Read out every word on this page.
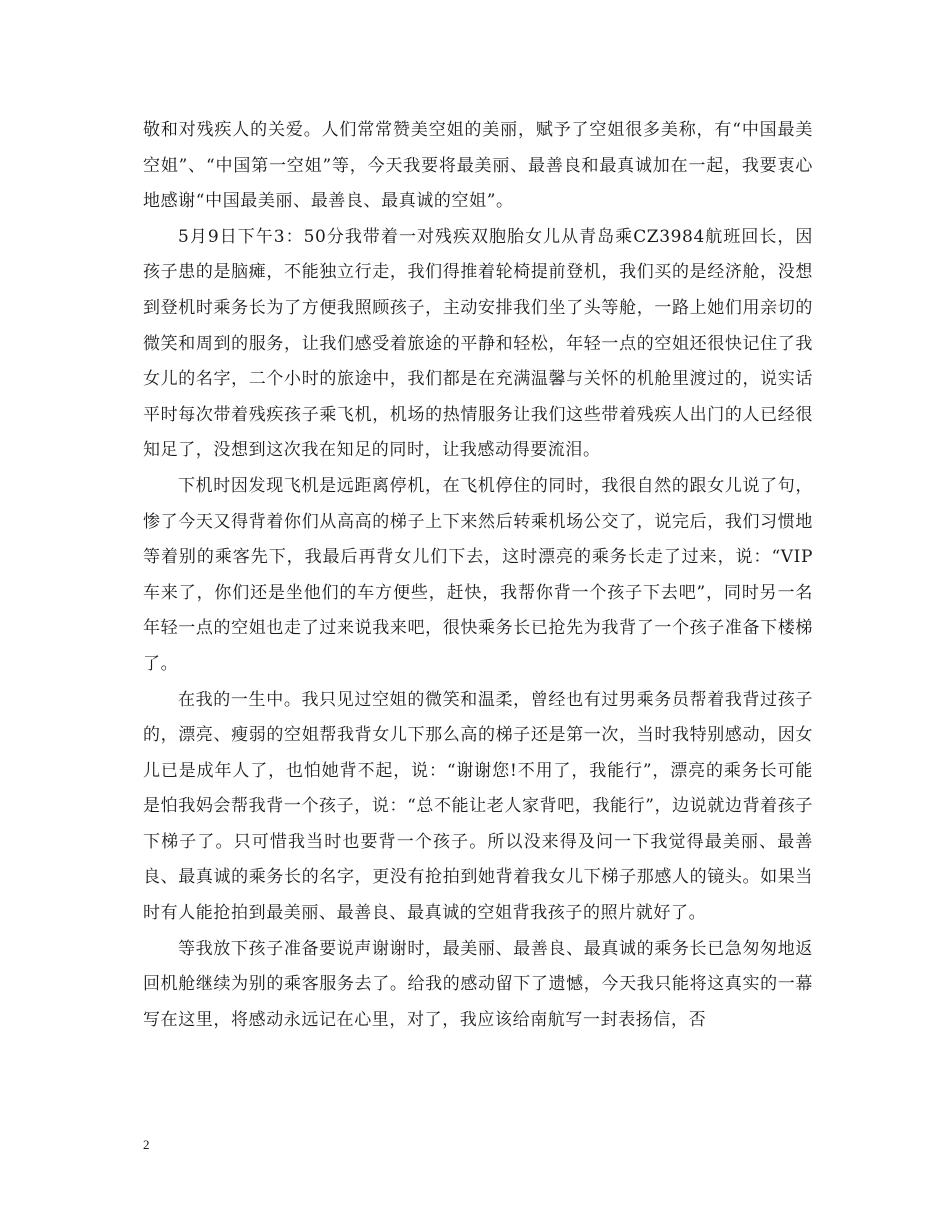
敬和对残疾人的关爱。人们常常赞美空姐的美丽，赋予了空姐很多美称，有“中国最美空姐”、“中国第一空姐”等，今天我要将最美丽、最善良和最真诚加在一起，我要衷心地感谢“中国最美丽、最善良、最真诚的空姐”。

5月9日下午3：50分我带着一对残疾双胞胎女儿从青岛乘CZ3984航班回长，因孩子患的是脑瘫，不能独立行走，我们得推着轮椅提前登机，我们买的是经济舱，没想到登机时乘务长为了方便我照顾孩子，主动安排我们坐了头等舱，一路上她们用亲切的微笑和周到的服务，让我们感受着旅途的平静和轻松，年轻一点的空姐还很快记住了我女儿的名字，二个小时的旅途中，我们都是在充满温馨与关怀的机舱里渡过的，说实话平时每次带着残疾孩子乘飞机，机场的热情服务让我们这些带着残疾人出门的人已经很知足了，没想到这次我在知足的同时，让我感动得要流泪。

下机时因发现飞机是远距离停机，在飞机停住的同时，我很自然的跟女儿说了句，惨了今天又得背着你们从高高的梯子上下来然后转乘机场公交了，说完后，我们习惯地等着别的乘客先下，我最后再背女儿们下去，这时漂亮的乘务长走了过来，说：“VIP车来了，你们还是坐他们的车方便些，赶快，我帮你背一个孩子下去吧”，同时另一名年轻一点的空姐也走了过来说我来吧，很快乘务长已抢先为我背了一个孩子准备下楼梯了。

在我的一生中。我只见过空姐的微笑和温柔，曾经也有过男乘务员帮着我背过孩子的，漂亮、瘦弱的空姐帮我背女儿下那么高的梯子还是第一次，当时我特别感动，因女儿已是成年人了，也怕她背不起，说：“谢谢您!不用了，我能行”，漂亮的乘务长可能是怕我妈会帮我背一个孩子，说：“总不能让老人家背吧，我能行”，边说就边背着孩子下梯子了。只可惜我当时也要背一个孩子。所以没来得及问一下我觉得最美丽、最善良、最真诚的乘务长的名字，更没有抢拍到她背着我女儿下梯子那感人的镜头。如果当时有人能抢拍到最美丽、最善良、最真诚的空姐背我孩子的照片就好了。

等我放下孩子准备要说声谢谢时，最美丽、最善良、最真诚的乘务长已急匆匆地返回机舱继续为别的乘客服务去了。给我的感动留下了遗憾，今天我只能将这真实的一幕写在这里，将感动永远记在心里，对了，我应该给南航写一封表扬信，否

2
